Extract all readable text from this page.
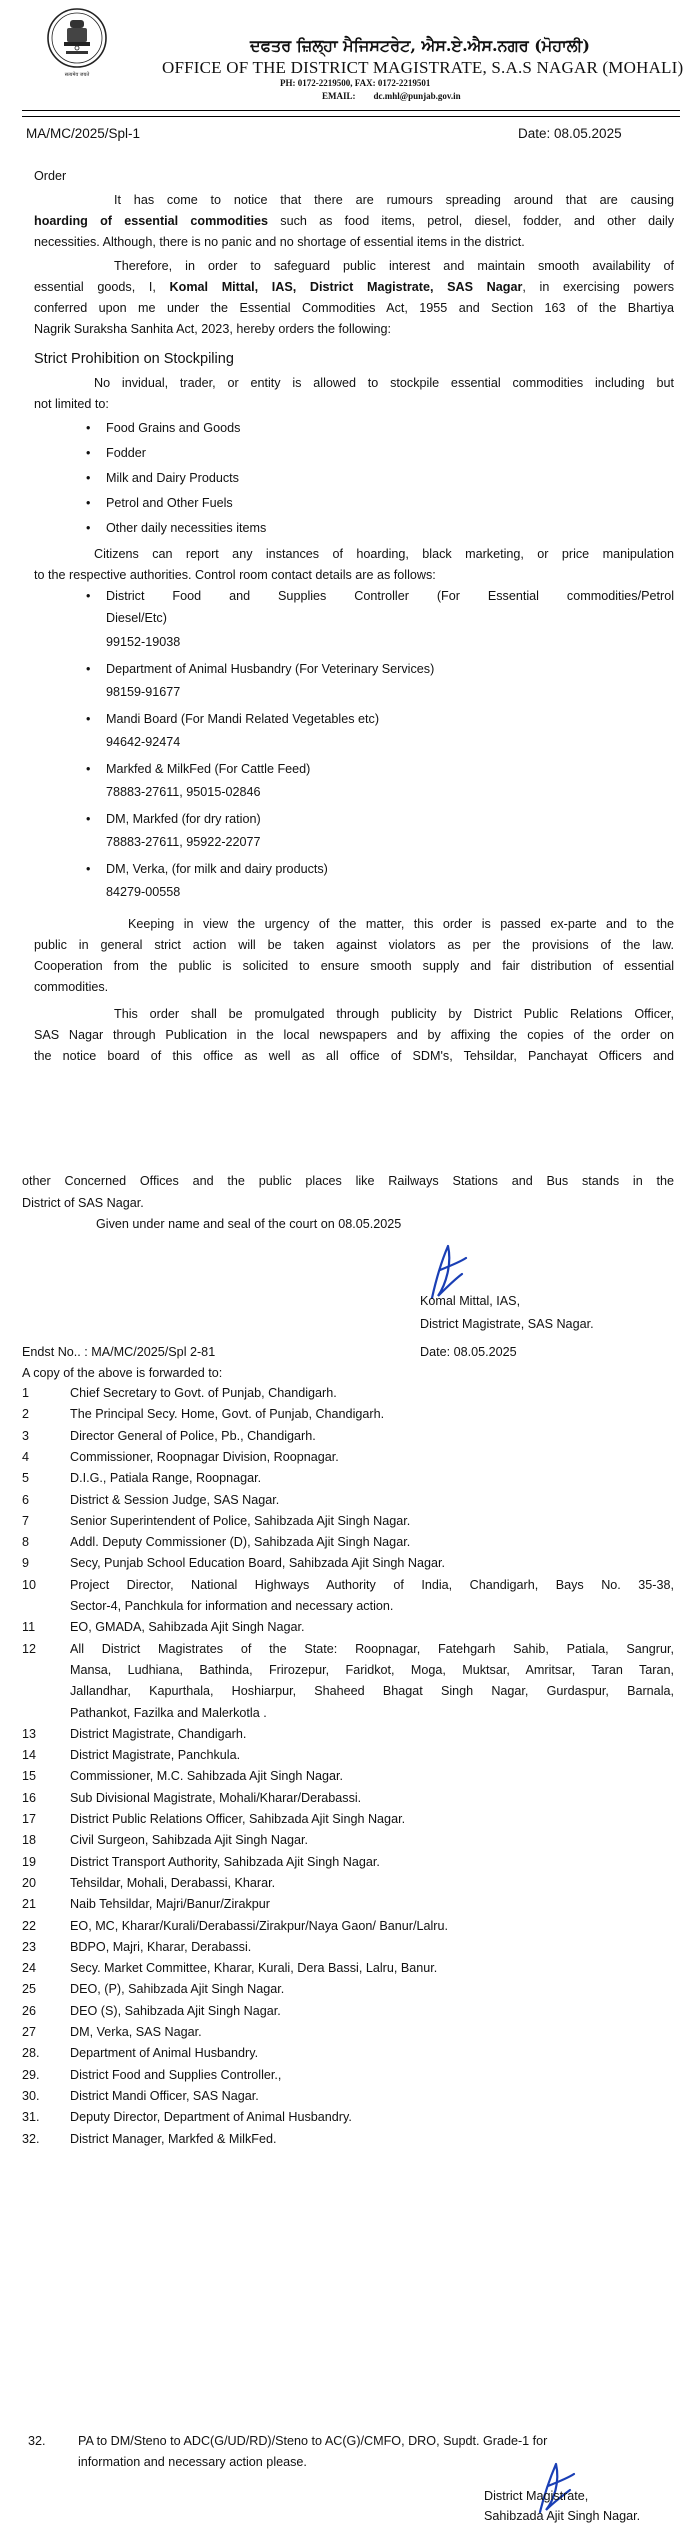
सत्यमेव जयते
ਦਫਤਰ ਜ਼ਿਲ੍ਹਾ ਮੈਜਿਸਟਰੇਟ, ਐਸ.ਏ.ਐਸ.ਨਗਰ (ਮੋਹਾਲੀ)
OFFICE OF THE DISTRICT MAGISTRATE, S.A.S NAGAR (MOHALI)
PH: 0172-2219500, FAX: 0172-2219501
EMAIL: dc.mhl@punjab.gov.in
MA/MC/2025/Spl-1	Date: 08.05.2025
Order
It has come to notice that there are rumours spreading around that are causing
hoarding of essential commodities such as food items, petrol, diesel, fodder, and other daily
necessities. Although, there is no panic and no shortage of essential items in the district.
Therefore, in order to safeguard public interest and maintain smooth availability of
essential goods, I, Komal Mittal, IAS, District Magistrate, SAS Nagar, in exercising powers
conferred upon me under the Essential Commodities Act, 1955 and Section 163 of the Bhartiya
Nagrik Suraksha Sanhita Act, 2023, hereby orders the following:
Strict Prohibition on Stockpiling
No invidual, trader, or entity is allowed to stockpile essential commodities including but
not limited to:
• Food Grains and Goods
• Fodder
• Milk and Dairy Products
• Petrol and Other Fuels
• Other daily necessities items
Citizens can report any instances of hoarding, black marketing, or price manipulation
to the respective authorities. Control room contact details are as follows:
• District Food and Supplies Controller (For Essential commodities/Petrol
Diesel/Etc)
99152-19038
• Department of Animal Husbandry (For Veterinary Services)
98159-91677
• Mandi Board (For Mandi Related Vegetables etc)
94642-92474
• Markfed & MilkFed (For Cattle Feed)
78883-27611, 95015-02846
• DM, Markfed (for dry ration)
78883-27611, 95922-22077
• DM, Verka, (for milk and dairy products)
84279-00558
Keeping in view the urgency of the matter, this order is passed ex-parte and to the
public in general strict action will be taken against violators as per the provisions of the law.
Cooperation from the public is solicited to ensure smooth supply and fair distribution of essential
commodities.
This order shall be promulgated through publicity by District Public Relations Officer,
SAS Nagar through Publication in the local newspapers and by affixing the copies of the order on
the notice board of this office as well as all office of SDM's, Tehsildar, Panchayat Officers and
other Concerned Offices and the public places like Railways Stations and Bus stands in the
District of SAS Nagar.
Given under name and seal of the court on 08.05.2025
Komal Mittal, IAS,
District Magistrate, SAS Nagar.
Endst No.. : MA/MC/2025/Spl 2-81	Date: 08.05.2025
A copy of the above is forwarded to:
1	Chief Secretary to Govt. of Punjab, Chandigarh.
2	The Principal Secy. Home, Govt. of Punjab, Chandigarh.
3	Director General of Police, Pb., Chandigarh.
4	Commissioner, Roopnagar Division, Roopnagar.
5	D.I.G., Patiala Range, Roopnagar.
6	District & Session Judge, SAS Nagar.
7	Senior Superintendent of Police, Sahibzada Ajit Singh Nagar.
8	Addl. Deputy Commissioner (D), Sahibzada Ajit Singh Nagar.
9	Secy, Punjab School Education Board, Sahibzada Ajit Singh Nagar.
10	Project Director, National Highways Authority of India, Chandigarh, Bays No. 35-38,
Sector-4, Panchkula for information and necessary action.
11	EO, GMADA, Sahibzada Ajit Singh Nagar.
12	All District Magistrates of the State: Roopnagar, Fatehgarh Sahib, Patiala, Sangrur,
Mansa, Ludhiana, Bathinda, Frirozepur, Faridkot, Moga, Muktsar, Amritsar, Taran Taran,
Jallandhar, Kapurthala, Hoshiarpur, Shaheed Bhagat Singh Nagar, Gurdaspur, Barnala,
Pathankot, Fazilka and Malerkotla .
13	District Magistrate, Chandigarh.
14	District Magistrate, Panchkula.
15	Commissioner, M.C. Sahibzada Ajit Singh Nagar.
16	Sub Divisional Magistrate, Mohali/Kharar/Derabassi.
17	District Public Relations Officer, Sahibzada Ajit Singh Nagar.
18	Civil Surgeon, Sahibzada Ajit Singh Nagar.
19	District Transport Authority, Sahibzada Ajit Singh Nagar.
20	Tehsildar, Mohali, Derabassi, Kharar.
21	Naib Tehsildar, Majri/Banur/Zirakpur
22	EO, MC, Kharar/Kurali/Derabassi/Zirakpur/Naya Gaon/ Banur/Lalru.
23	BDPO, Majri, Kharar, Derabassi.
24	Secy. Market Committee, Kharar, Kurali, Dera Bassi, Lalru, Banur.
25	DEO, (P), Sahibzada Ajit Singh Nagar.
26	DEO (S), Sahibzada Ajit Singh Nagar.
27	DM, Verka, SAS Nagar.
28. Department of Animal Husbandry.
29. District Food and Supplies Controller.,
30. District Mandi Officer, SAS Nagar.
31. Deputy Director, Department of Animal Husbandry.
32. District Manager, Markfed & MilkFed.
32.	PA to DM/Steno to ADC(G/UD/RD)/Steno to AC(G)/CMFO, DRO, Supdt. Grade-1 for
information and necessary action please.
District Magistrate,
Sahibzada Ajit Singh Nagar.
